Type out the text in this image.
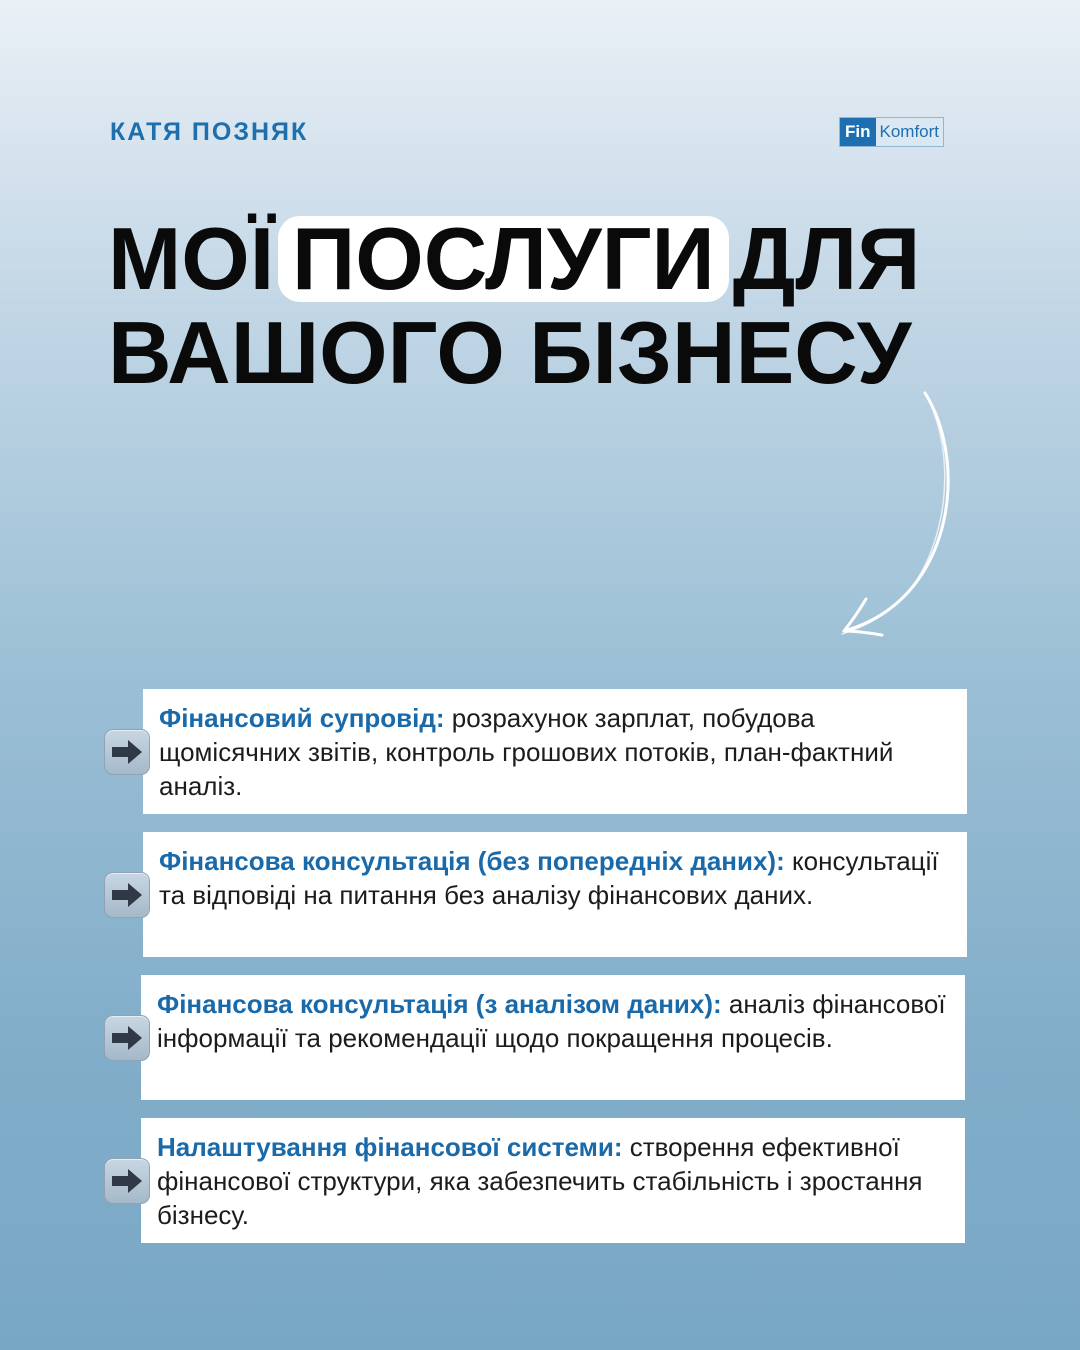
КАТЯ ПОЗНЯК	Fin Komfort
МОЇ ПОСЛУГИ ДЛЯ
ВАШОГО БІЗНЕСУ
Фінансовий супровід: розрахунок зарплат, побудова щомісячних звітів, контроль грошових потоків, план-фактний аналіз.
Фінансова консультація (без попередніх даних): консультації та відповіді на питання без аналізу фінансових даних.
Фінансова консультація (з аналізом даних): аналіз фінансової інформації та рекомендації щодо покращення процесів.
Налаштування фінансової системи: створення ефективної фінансової структури, яка забезпечить стабільність і зростання бізнесу.
